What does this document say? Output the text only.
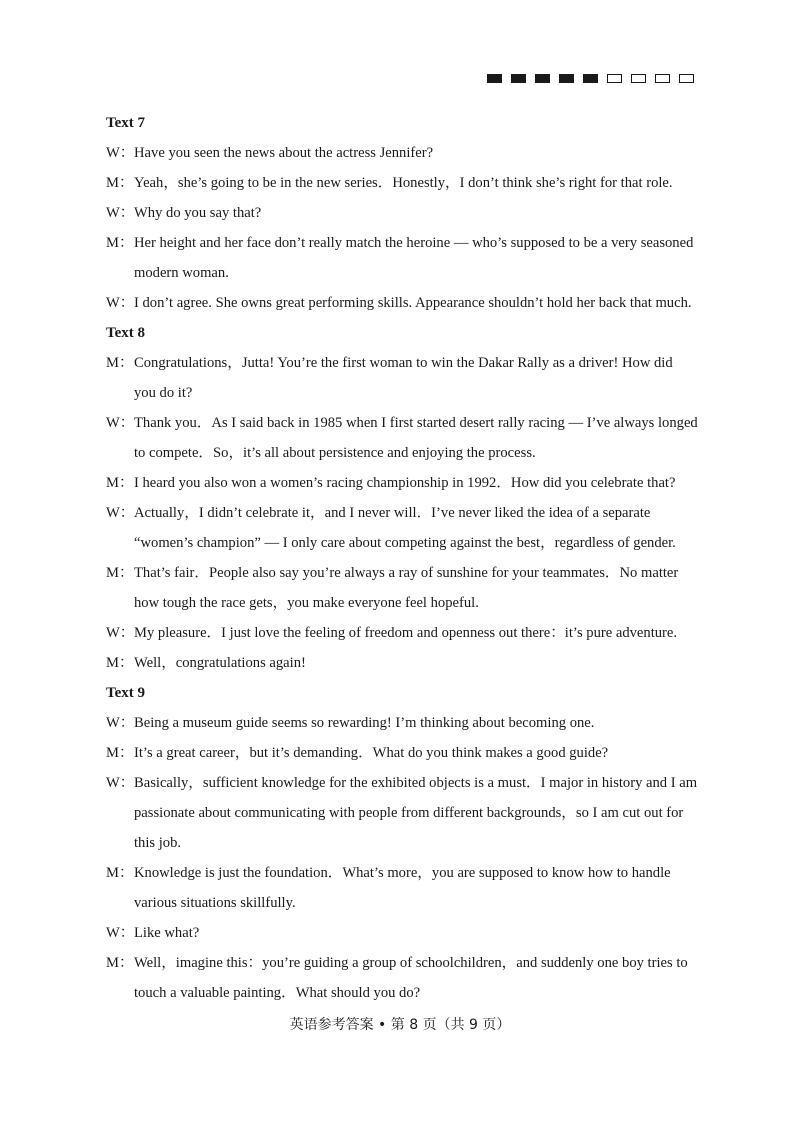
Text 7
W： Have you seen the news about the actress Jennifer?
M： Yeah，she’s going to be in the new series．Honestly，I don’t think she’s right for that role.
W： Why do you say that?
M： Her height and her face don’t really match the heroine — who’s supposed to be a very seasoned modern woman.
W： I don’t agree. She owns great performing skills. Appearance shouldn’t hold her back that much.
Text 8
M： Congratulations，Jutta! You’re the first woman to win the Dakar Rally as a driver! How did you do it?
W： Thank you．As I said back in 1985 when I first started desert rally racing — I’ve always longed to compete．So，it’s all about persistence and enjoying the process.
M： I heard you also won a women’s racing championship in 1992．How did you celebrate that?
W： Actually，I didn’t celebrate it，and I never will．I’ve never liked the idea of a separate “women’s champion” — I only care about competing against the best，regardless of gender.
M： That’s fair．People also say you’re always a ray of sunshine for your teammates．No matter how tough the race gets，you make everyone feel hopeful.
W： My pleasure．I just love the feeling of freedom and openness out there：it’s pure adventure.
M： Well，congratulations again!
Text 9
W： Being a museum guide seems so rewarding! I’m thinking about becoming one.
M： It’s a great career，but it’s demanding．What do you think makes a good guide?
W： Basically，sufficient knowledge for the exhibited objects is a must．I major in history and I am passionate about communicating with people from different backgrounds，so I am cut out for this job.
M： Knowledge is just the foundation．What’s more，you are supposed to know how to handle various situations skillfully.
W： Like what?
M： Well，imagine this：you’re guiding a group of schoolchildren，and suddenly one boy tries to touch a valuable painting．What should you do?
英语参考答案 • 第 8 页（共 9 页）
